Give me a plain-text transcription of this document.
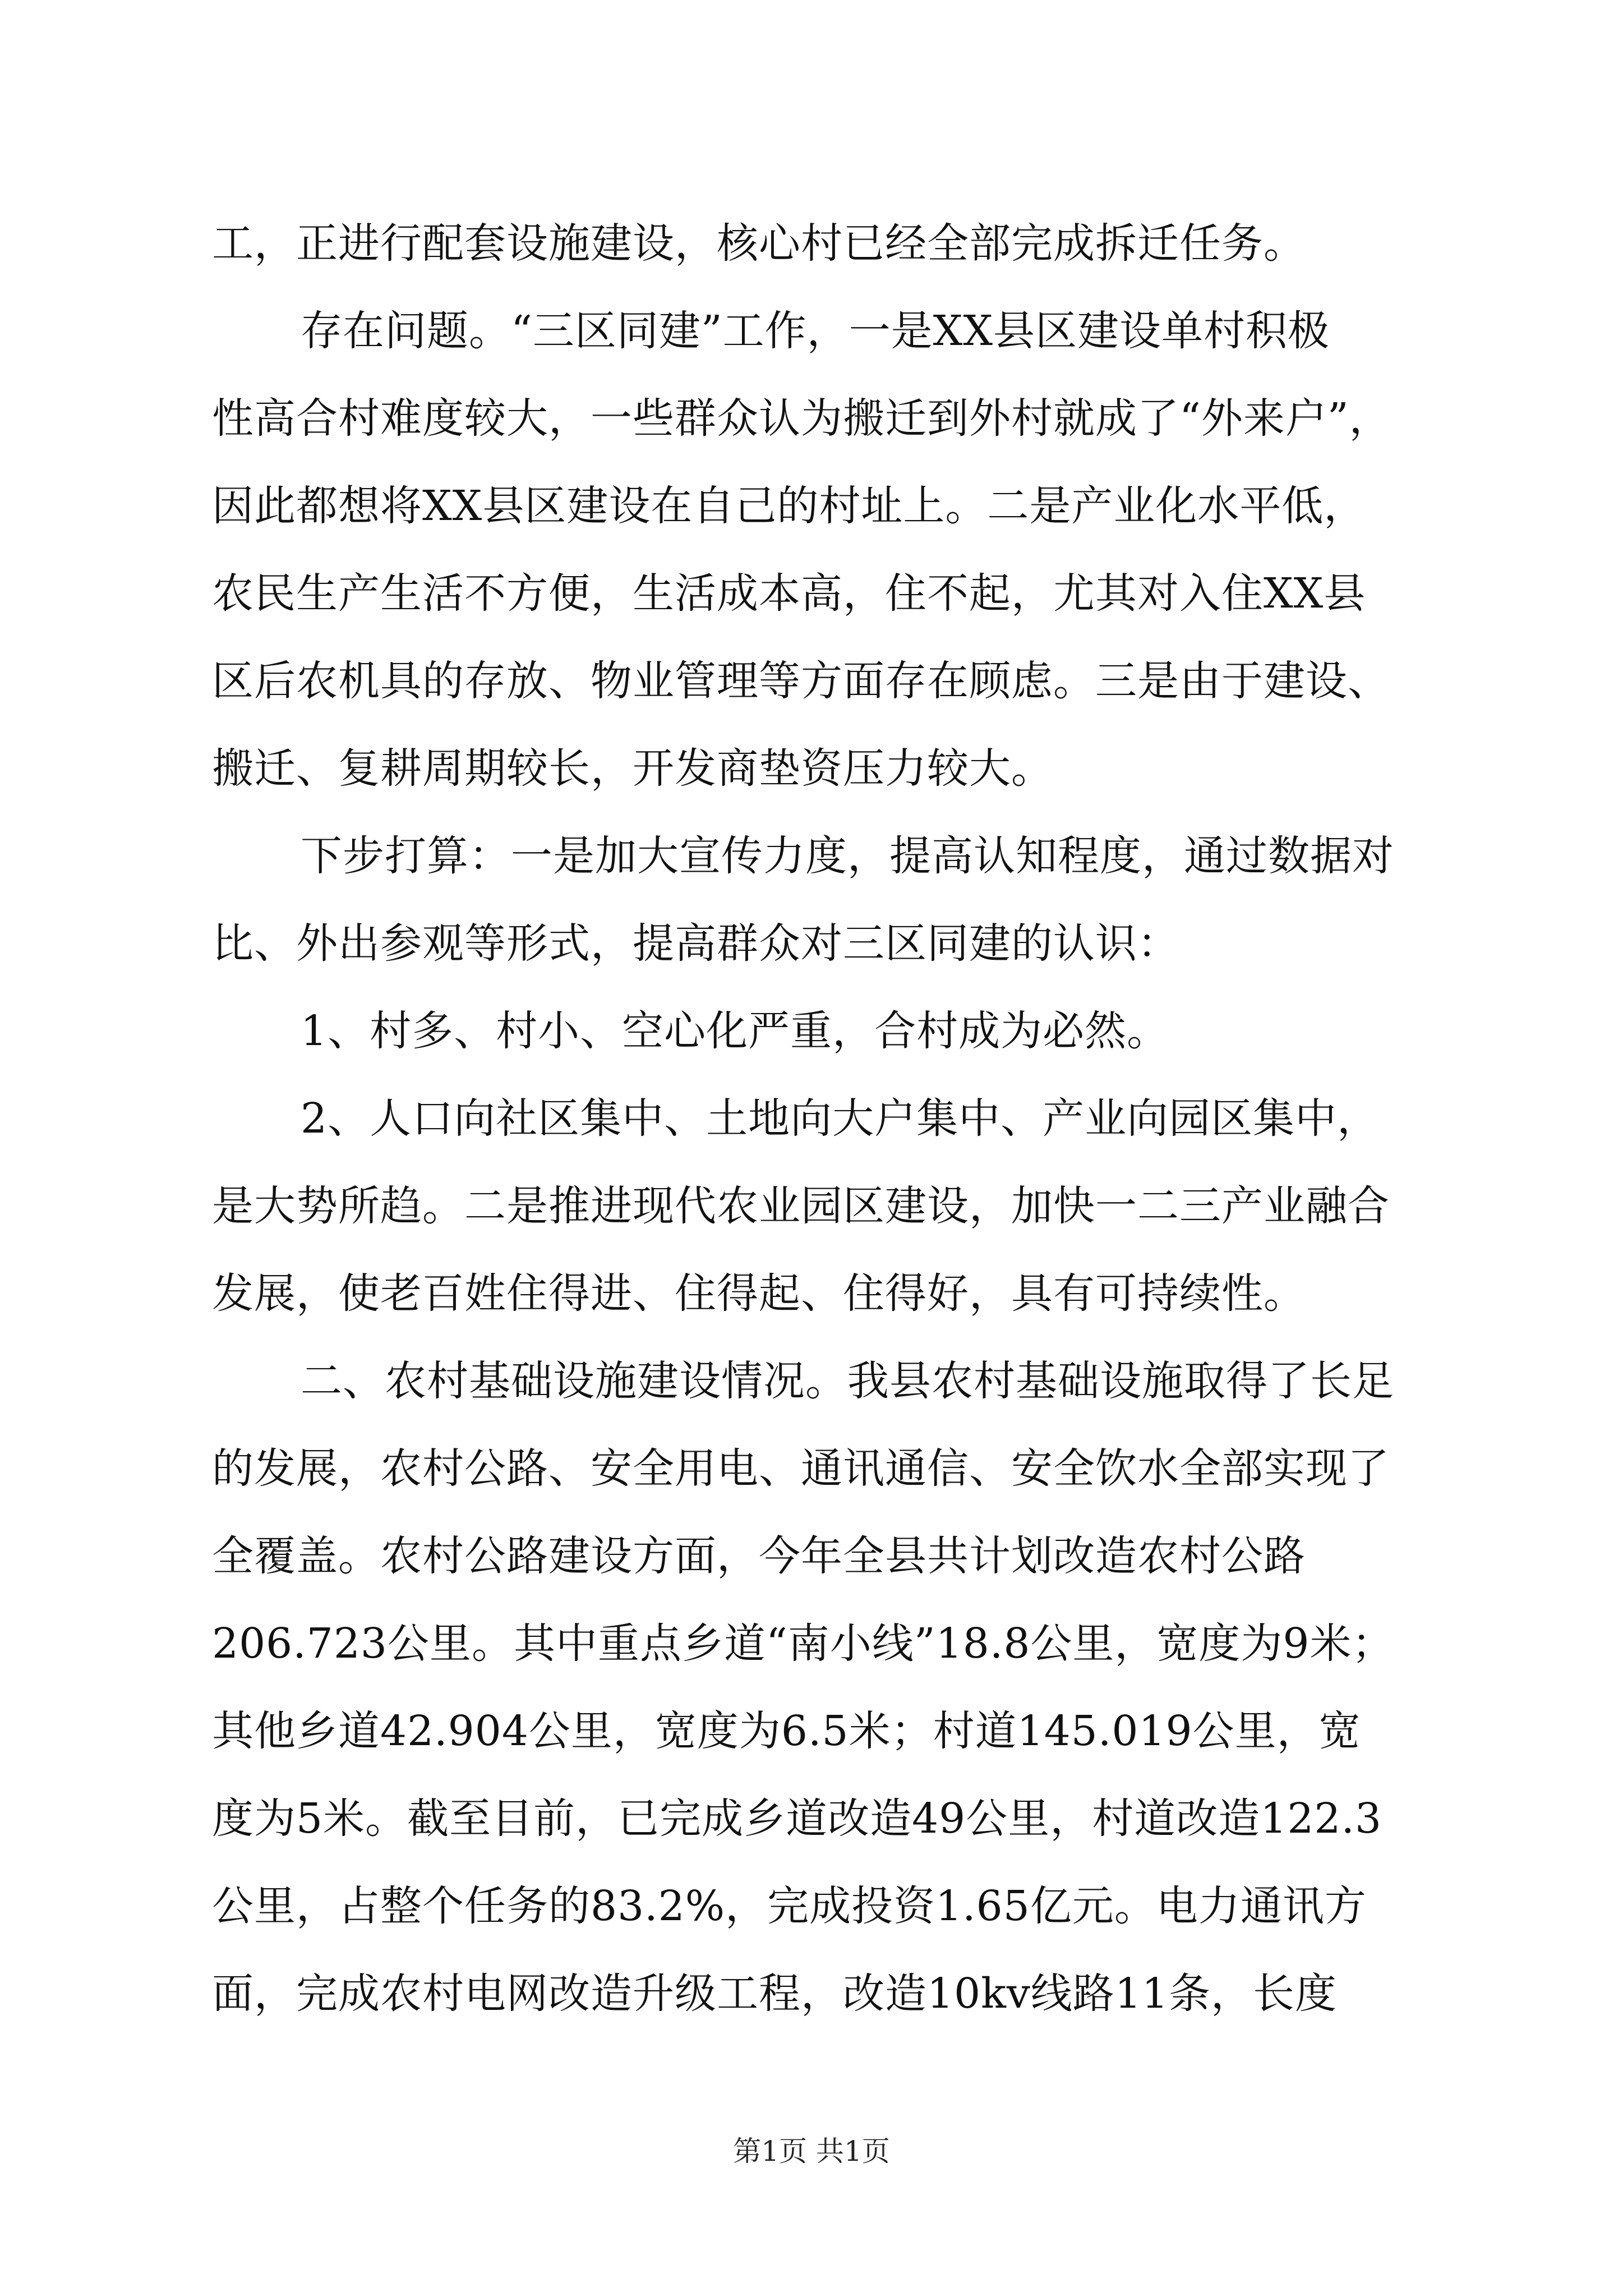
工，正进行配套设施建设，核心村已经全部完成拆迁任务。
存在问题。“三区同建”工作，一是XX县区建设单村积极
性高合村难度较大，一些群众认为搬迁到外村就成了“外来户”，
因此都想将XX县区建设在自己的村址上。二是产业化水平低，
农民生产生活不方便，生活成本高，住不起，尤其对入住XX县
区后农机具的存放、物业管理等方面存在顾虑。三是由于建设、
搬迁、复耕周期较长，开发商垫资压力较大。
下步打算：一是加大宣传力度，提高认知程度，通过数据对
比、外出参观等形式，提高群众对三区同建的认识：
1、村多、村小、空心化严重，合村成为必然。
2、人口向社区集中、土地向大户集中、产业向园区集中，
是大势所趋。二是推进现代农业园区建设，加快一二三产业融合
发展，使老百姓住得进、住得起、住得好，具有可持续性。
二、农村基础设施建设情况。我县农村基础设施取得了长足
的发展，农村公路、安全用电、通讯通信、安全饮水全部实现了
全覆盖。农村公路建设方面，今年全县共计划改造农村公路
206.723公里。其中重点乡道“南小线”18.8公里，宽度为9米；
其他乡道42.904公里，宽度为6.5米；村道145.019公里，宽
度为5米。截至目前，已完成乡道改造49公里，村道改造122.3
公里，占整个任务的83.2%，完成投资1.65亿元。电力通讯方
面，完成农村电网改造升级工程，改造10kv线路11条，长度
第1页 共1页
